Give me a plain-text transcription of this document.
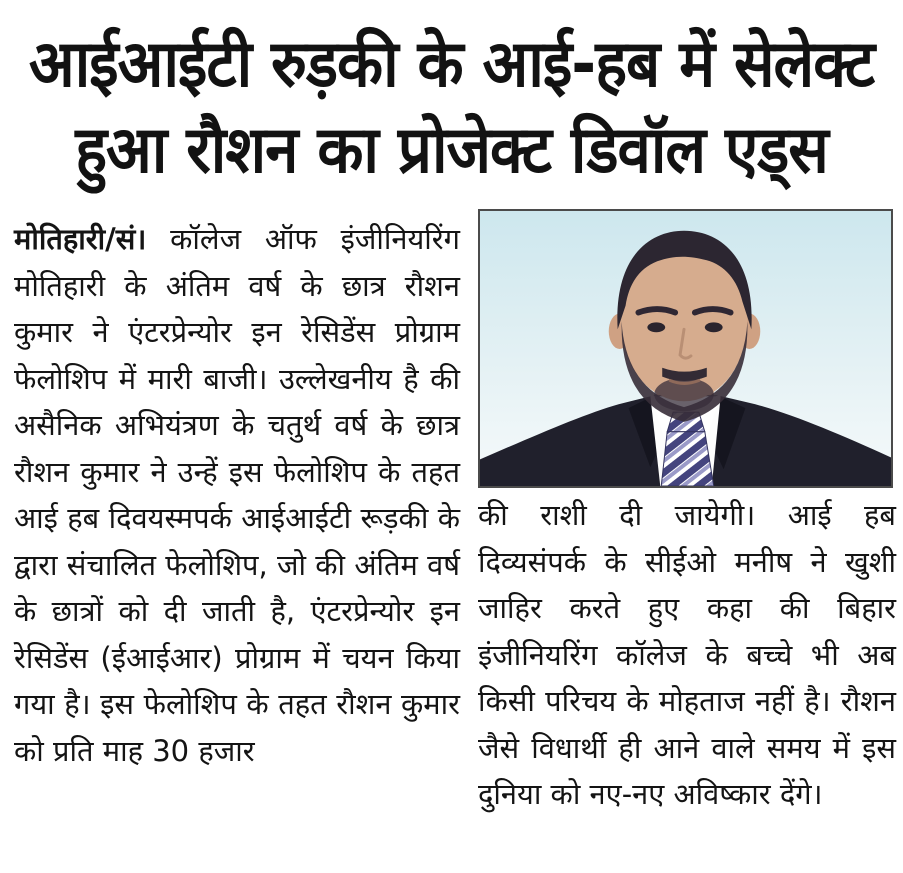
आईआईटी रुड़की के आई-हब में सेलेक्ट
हुआ रौशन का प्रोजेक्ट डिवॉल एड्स
मोतिहारी/सं। कॉलेज ऑफ इंजीनियरिंग मोतिहारी के अंतिम वर्ष के छात्र रौशन कुमार ने एंटरप्रेन्योर इन रेसिडेंस प्रोग्राम फेलोशिप में मारी बाजी। उल्लेखनीय है की असैनिक अभियंत्रण के चतुर्थ वर्ष के छात्र रौशन कुमार ने उन्हें इस फेलोशिप के तहत आई हब दिवयस्मपर्क आईआईटी रूड़की के द्वारा संचालित फेलोशिप, जो की अंतिम वर्ष के छात्रों को दी जाती है, एंटरप्रेन्योर इन रेसिडेंस (ईआईआर) प्रोग्राम में चयन किया गया है। इस फेलोशिप के तहत रौशन कुमार को प्रति माह 30 हजार
की राशी दी जायेगी। आई हब दिव्यसंपर्क के सीईओ मनीष ने खुशी जाहिर करते हुए कहा की बिहार इंजीनियरिंग कॉलेज के बच्चे भी अब किसी परिचय के मोहताज नहीं है। रौशन जैसे विधार्थी ही आने वाले समय में इस दुनिया को नए-नए अविष्कार देंगे।
